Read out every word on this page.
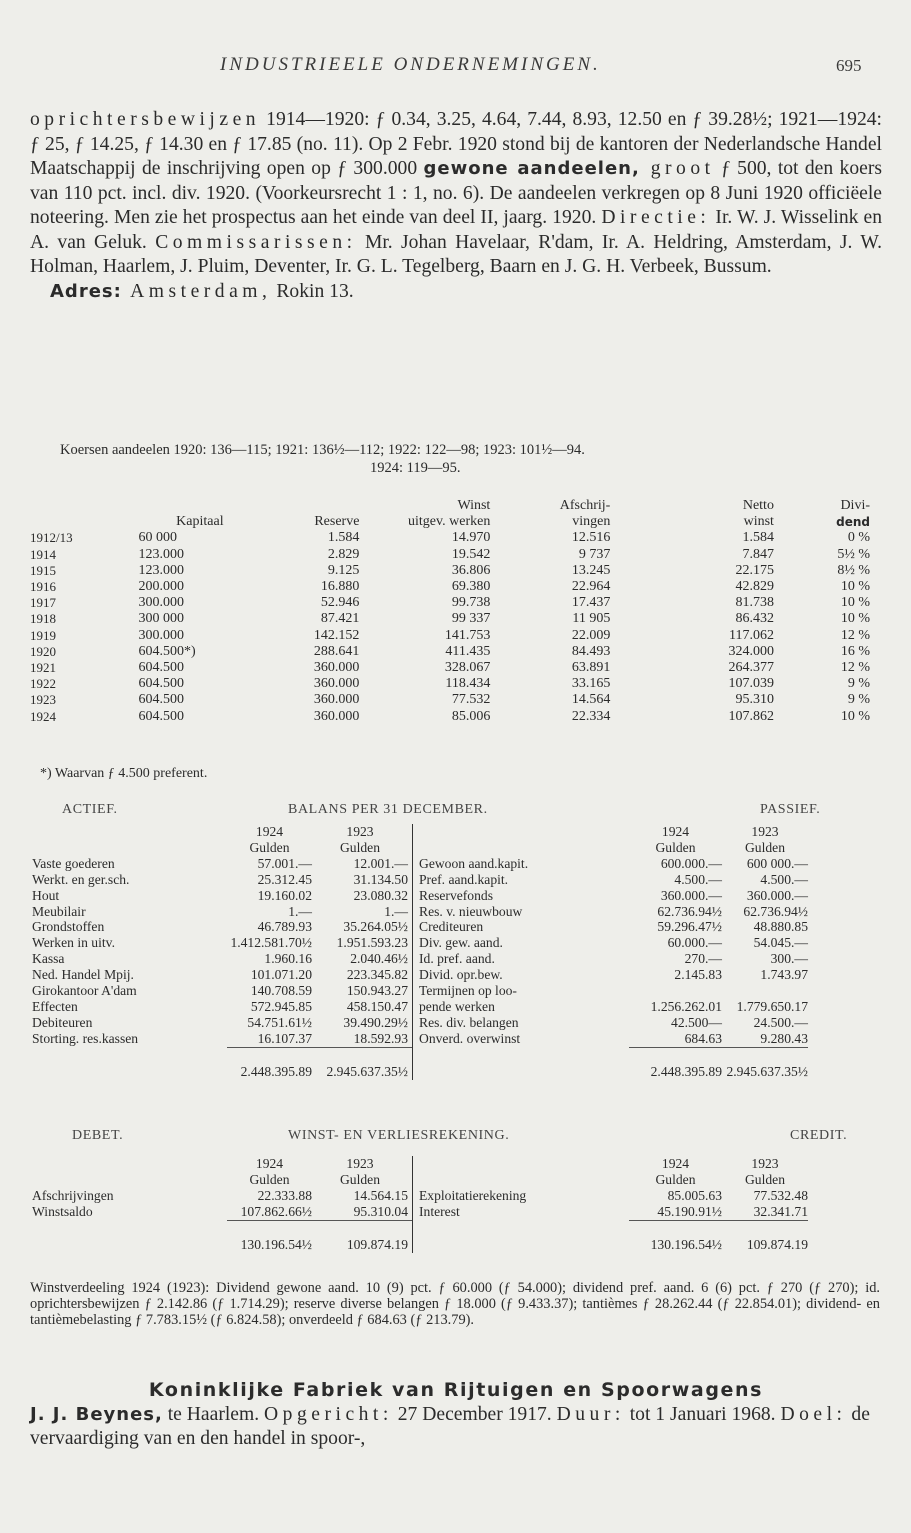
INDUSTRIEELE ONDERNEMINGEN.	695

oprichtersbewijzen 1914—1920: ƒ 0.34, 3.25, 4.64, 7.44, 8.93, 12.50 en ƒ 39.28½; 1921—1924: ƒ 25, ƒ 14.25, ƒ 14.30 en ƒ 17.85 (no. 11). Op 2 Febr. 1920 stond bij de kantoren der Nederlandsche Handel Maatschappij de inschrijving open op ƒ 300.000 gewone aandeelen, groot ƒ 500, tot den koers van 110 pct. incl. div. 1920. (Voorkeursrecht 1 : 1, no. 6). De aandeelen verkregen op 8 Juni 1920 officiëele noteering. Men zie het prospectus aan het einde van deel II, jaarg. 1920. Directie: Ir. W. J. Wisselink en A. van Geluk. Commissarissen: Mr. Johan Havelaar, R'dam, Ir. A. Heldring, Amsterdam, J. W. Holman, Haarlem, J. Pluim, Deventer, Ir. G. L. Tegelberg, Baarn en J. G. H. Verbeek, Bussum.
Adres: Amsterdam, Rokin 13.

Koersen aandeelen 1920: 136—115; 1921: 136½—112; 1922: 122—98; 1923: 101½—94.
1924: 119—95.
			Winst	Afschrij-	Netto	Divi-
	Kapitaal	Reserve	uitgev. werken	vingen	winst	dend
1912/13	60 000	1.584	14.970	12.516	1.584	0 %
1914	123.000	2.829	19.542	9 737	7.847	5½ %
1915	123.000	9.125	36.806	13.245	22.175	8½ %
1916	200.000	16.880	69.380	22.964	42.829	10 %
1917	300.000	52.946	99.738	17.437	81.738	10 %
1918	300 000	87.421	99 337	11 905	86.432	10 %
1919	300.000	142.152	141.753	22.009	117.062	12 %
1920	604.500*)	288.641	411.435	84.493	324.000	16 %
1921	604.500	360.000	328.067	63.891	264.377	12 %
1922	604.500	360.000	118.434	33.165	107.039	9 %
1923	604.500	360.000	77.532	14.564	95.310	9 %
1924	604.500	360.000	85.006	22.334	107.862	10 %
*) Waarvan ƒ 4.500 preferent.
ACTIEF.	BALANS PER 31 DECEMBER.	PASSIEF.
	1924	1923		1924	1923
	Gulden	Gulden		Gulden	Gulden
Vaste goederen	57.001.—	12.001.—	Gewoon aand.kapit.	600.000.—	600 000.—
Werkt. en ger.sch.	25.312.45	31.134.50	Pref. aand.kapit.	4.500.—	4.500.—
Hout	19.160.02	23.080.32	Reservefonds	360.000.—	360.000.—
Meubilair	1.—	1.—	Res. v. nieuwbouw	62.736.94½	62.736.94½
Grondstoffen	46.789.93	35.264.05½	Crediteuren	59.296.47½	48.880.85
Werken in uitv.	1.412.581.70½	1.951.593.23	Div. gew. aand.	60.000.—	54.045.—
Kassa	1.960.16	2.040.46½	Id. pref. aand.	270.—	300.—
Ned. Handel Mpij.	101.071.20	223.345.82	Divid. opr.bew.	2.145.83	1.743.97
Girokantoor A'dam	140.708.59	150.943.27	Termijnen op loo-		
Effecten	572.945.85	458.150.47	pende werken	1.256.262.01	1.779.650.17
Debiteuren	54.751.61½	39.490.29½	Res. div. belangen	42.500—	24.500.—
Storting. res.kassen	16.107.37	18.592.93	Onverd. overwinst	684.63	9.280.43
	2.448.395.89	2.945.637.35½		2.448.395.89	2.945.637.35½
DEBET.	WINST- EN VERLIESREKENING.	CREDIT.
	1924	1923		1924	1923
	Gulden	Gulden		Gulden	Gulden
Afschrijvingen	22.333.88	14.564.15	Exploitatierekening	85.005.63	77.532.48
Winstsaldo	107.862.66½	95.310.04	Interest	45.190.91½	32.341.71
	130.196.54½	109.874.19		130.196.54½	109.874.19
Winstverdeeling 1924 (1923): Dividend gewone aand. 10 (9) pct. ƒ 60.000 (ƒ 54.000); dividend pref. aand. 6 (6) pct. ƒ 270 (ƒ 270); id. oprichtersbewijzen ƒ 2.142.86 (ƒ 1.714.29); reserve diverse belangen ƒ 18.000 (ƒ 9.433.37); tantièmes ƒ 28.262.44 (ƒ 22.854.01); dividend- en tantièmebelasting ƒ 7.783.15½ (ƒ 6.824.58); onverdeeld ƒ 684.63 (ƒ 213.79).
Koninklijke Fabriek van Rijtuigen en Spoorwagens
J. J. Beynes, te Haarlem. Opgericht: 27 December 1917. Duur: tot 1 Januari 1968. Doel: de vervaardiging van en den handel in spoor-,
